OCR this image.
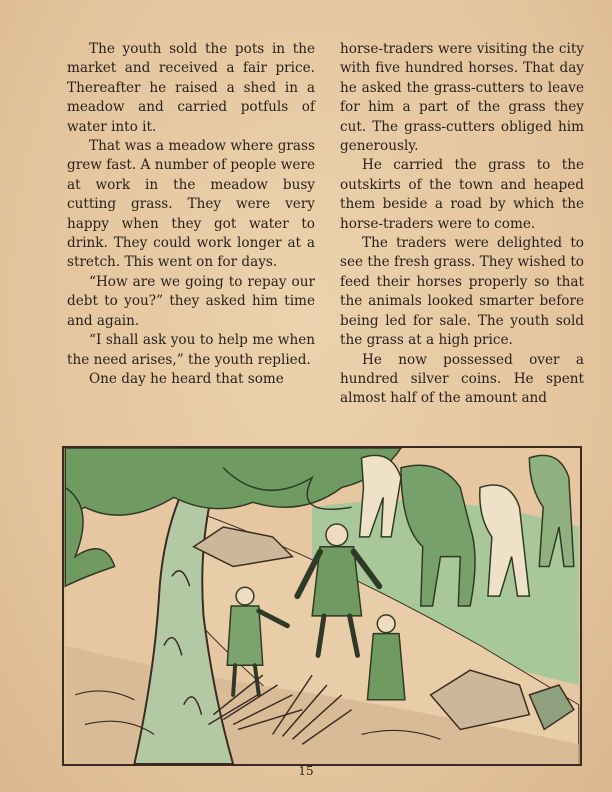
The youth sold the pots in the market and received a fair price. Thereafter he raised a shed in a meadow and carried potfuls of water into it.

That was a meadow where grass grew fast. A number of people were at work in the meadow busy cutting grass. They were very happy when they got water to drink. They could work longer at a stretch. This went on for days.

“How are we going to repay our debt to you?” they asked him time and again.

“I shall ask you to help me when the need arises,” the youth replied.

One day he heard that some

horse-traders were visiting the city with five hundred horses. That day he asked the grass-cutters to leave for him a part of the grass they cut. The grass-cutters obliged him generously.

He carried the grass to the outskirts of the town and heaped them beside a road by which the horse-traders were to come.

The traders were delighted to see the fresh grass. They wished to feed their horses properly so that the animals looked smarter before being led for sale. The youth sold the grass at a high price.

He now possessed over a hundred silver coins. He spent almost half of the amount and

15
